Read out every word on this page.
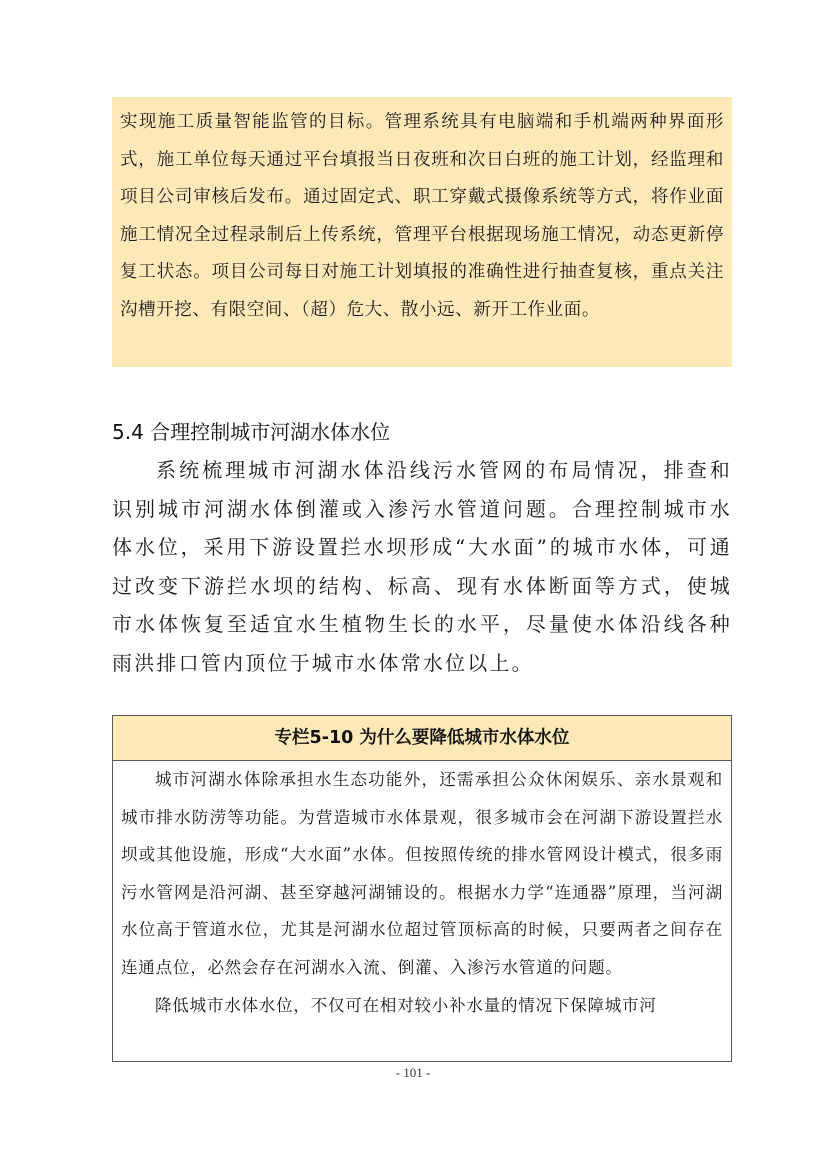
实现施工质量智能监管的目标。管理系统具有电脑端和手机端两种界面形式，施工单位每天通过平台填报当日夜班和次日白班的施工计划，经监理和项目公司审核后发布。通过固定式、职工穿戴式摄像系统等方式，将作业面施工情况全过程录制后上传系统，管理平台根据现场施工情况，动态更新停复工状态。项目公司每日对施工计划填报的准确性进行抽查复核，重点关注沟槽开挖、有限空间、（超）危大、散小远、新开工作业面。

5.4 合理控制城市河湖水体水位

系统梳理城市河湖水体沿线污水管网的布局情况，排查和识别城市河湖水体倒灌或入渗污水管道问题。合理控制城市水体水位，采用下游设置拦水坝形成“大水面”的城市水体，可通过改变下游拦水坝的结构、标高、现有水体断面等方式，使城市水体恢复至适宜水生植物生长的水平，尽量使水体沿线各种雨洪排口管内顶位于城市水体常水位以上。

专栏5-10 为什么要降低城市水体水位

城市河湖水体除承担水生态功能外，还需承担公众休闲娱乐、亲水景观和城市排水防涝等功能。为营造城市水体景观，很多城市会在河湖下游设置拦水坝或其他设施，形成“大水面”水体。但按照传统的排水管网设计模式，很多雨污水管网是沿河湖、甚至穿越河湖铺设的。根据水力学“连通器”原理，当河湖水位高于管道水位，尤其是河湖水位超过管顶标高的时候，只要两者之间存在连通点位，必然会存在河湖水入流、倒灌、入渗污水管道的问题。

降低城市水体水位，不仅可在相对较小补水量的情况下保障城市河

- 101 -
